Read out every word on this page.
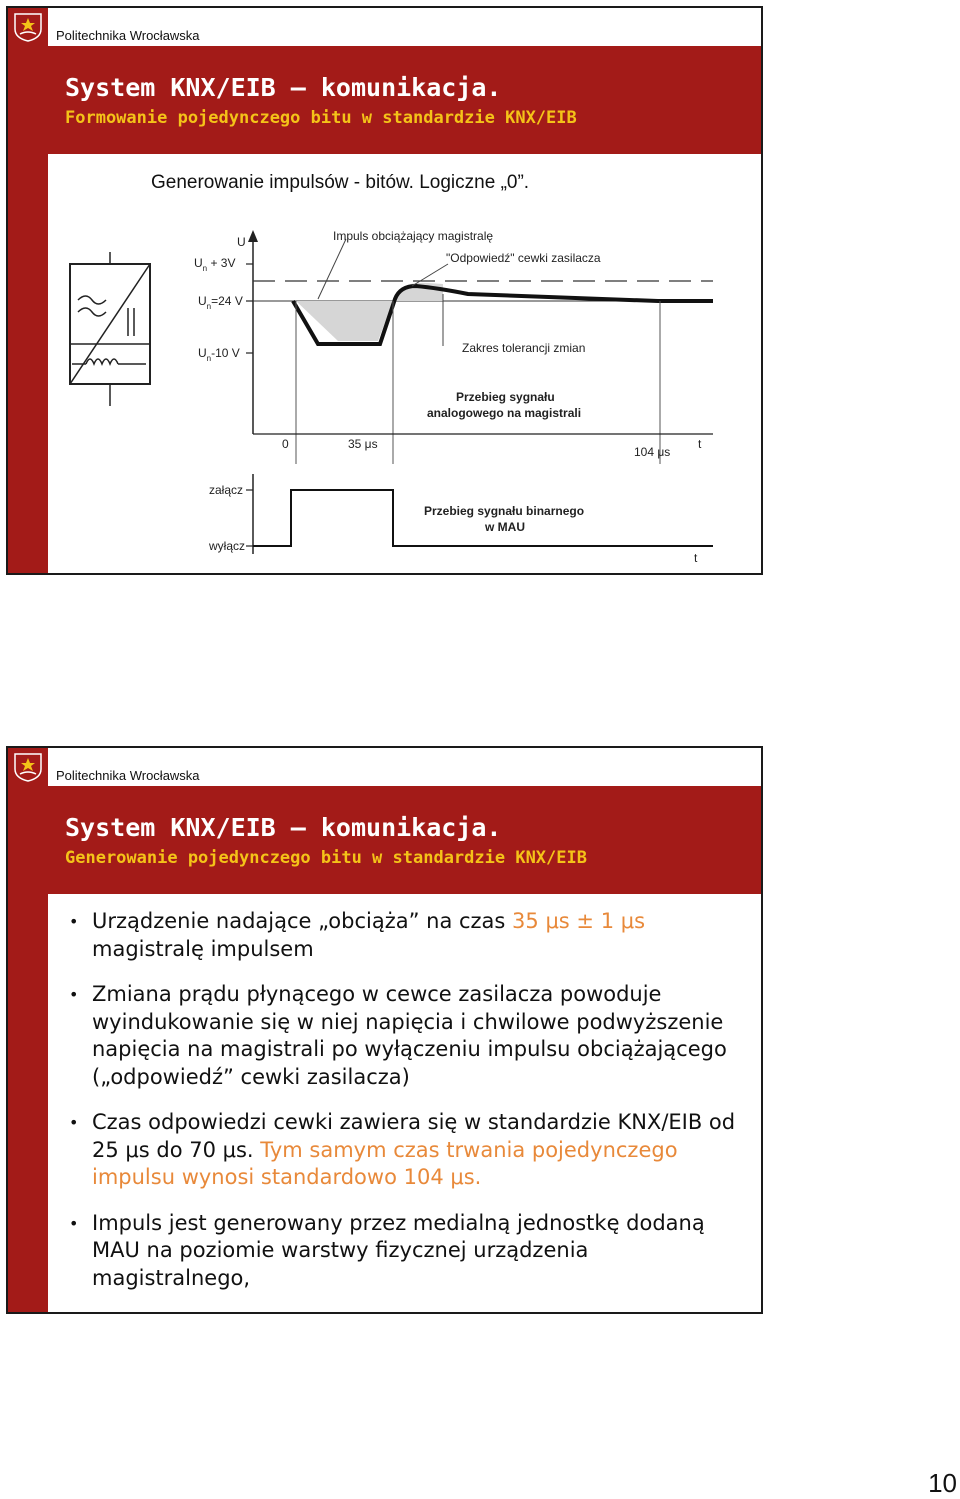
Politechnika Wrocławska
System KNX/EIB – komunikacja.
Formowanie pojedynczego bitu w standardzie KNX/EIB
Generowanie impulsów - bitów. Logiczne „0”.
U
$U_n + 3V$
$U_n=24$ V
$U_n-10$ V
Impuls obciążający magistralę
"Odpowiedź" cewki zasilacza
Zakres tolerancji zmian
Przebieg sygnału
analogowego na magistrali
0	35 μs
104 μs
t
załącz
wyłącz
Przebieg sygnału binarnego
w MAU
t
Politechnika Wrocławska
System KNX/EIB – komunikacja.
Generowanie pojedynczego bitu w standardzie KNX/EIB
• Urządzenie nadające „obciąża” na czas 35 μs ± 1 μs magistralę impulsem
• Zmiana prądu płynącego w cewce zasilacza powoduje wyindukowanie się w niej napięcia i chwilowe podwyższenie napięcia na magistrali po wyłączeniu impulsu obciążającego („odpowiedź” cewki zasilacza)
• Czas odpowiedzi cewki zawiera się w standardzie KNX/EIB od 25 μs do 70 μs. Tym samym czas trwania pojedynczego impulsu wynosi standardowo 104 μs.
• Impuls jest generowany przez medialną jednostkę dodaną MAU na poziomie warstwy fizycznej urządzenia magistralnego,
10
